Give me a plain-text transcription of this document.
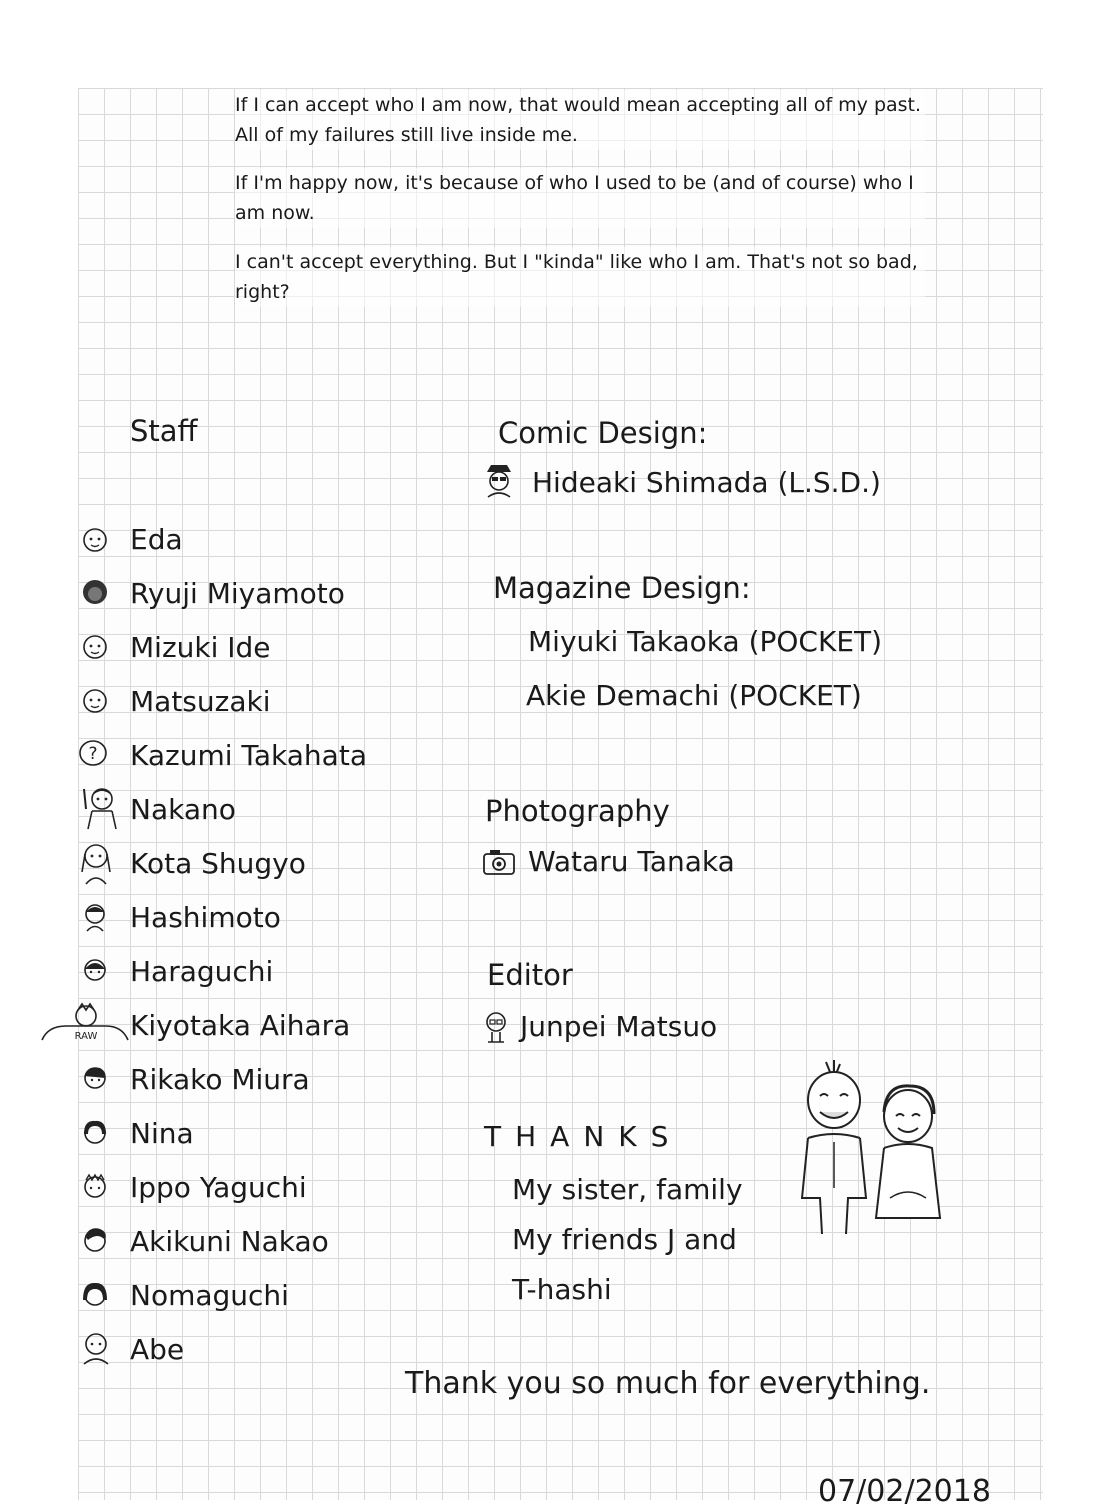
If I can accept who I am now, that would mean accepting all of my past. All of my failures still live inside me.

If I'm happy now, it's because of who I used to be (and of course) who I am now.

I can't accept everything. But I "kinda" like who I am. That's not so bad, right?

Staff
Eda
Ryuji Miyamoto
Mizuki Ide
Matsuzaki
? Kazumi Takahata
Nakano
Kota Shugyo
Hashimoto
Haraguchi
RAW Kiyotaka Aihara
Rikako Miura
Nina
Ippo Yaguchi
Akikuni Nakao
Nomaguchi
Abe
Comic Design:
Hideaki Shimada (L.S.D.)
Magazine Design:
Miyuki Takaoka (POCKET)
Akie Demachi (POCKET)
Photography
Wataru Tanaka
Editor
Junpei Matsuo
THANKS
My sister, family
My friends J and
T-hashi
Thank you so much for everything.
07/02/2018
